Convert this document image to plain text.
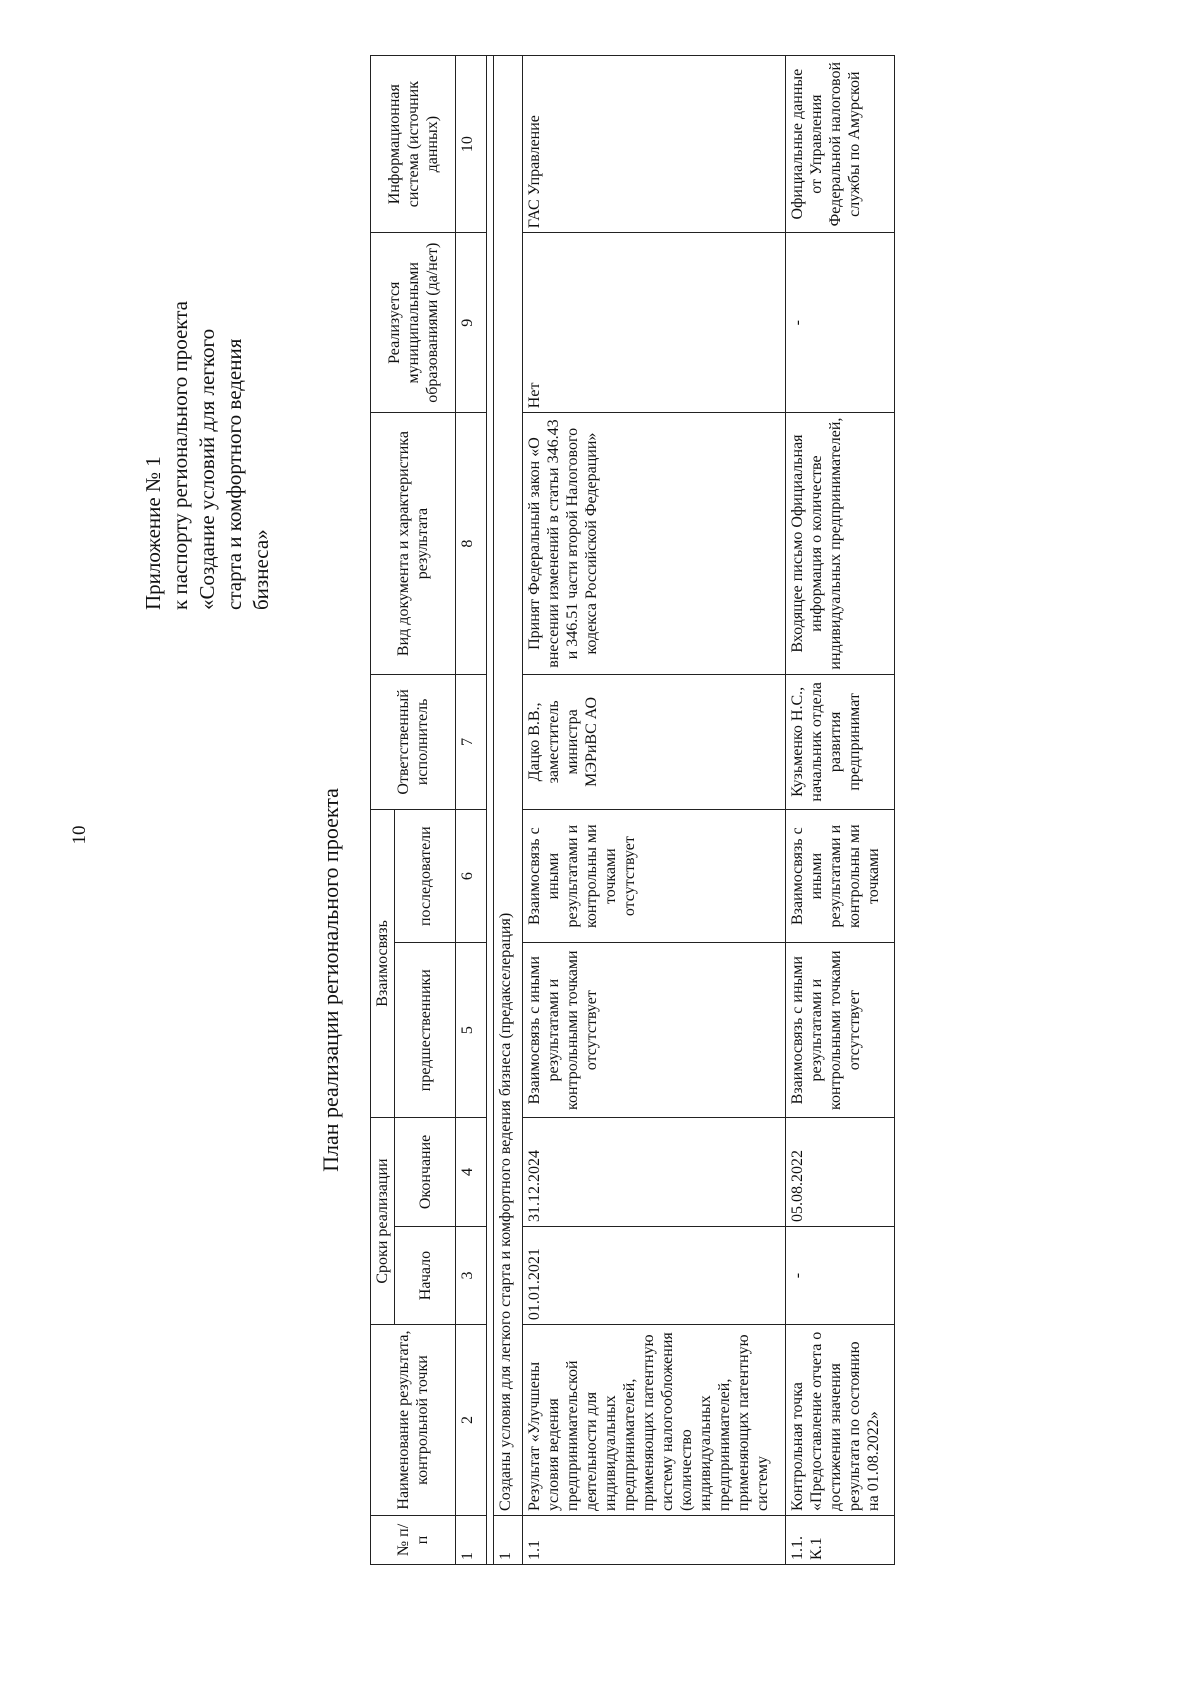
10
Приложение № 1 к паспорту регионального проекта «Создание условий для легкого старта и комфортного ведения бизнеса»
План реализации регионального проекта
№ п/п	Наименование результата, контрольной точки	Сроки реализации		Взаимосвязь		Ответственный исполнитель	Вид документа и характеристика результата	Реализуется муниципальными образованиями (да/нет)	Информационная система (источник данных)
		Начало	Окончание	предшественники	последователи				
1	2	3	4	5	6	7	8	9	10

1	Созданы условия для легкого старта и комфортного ведения бизнеса (предакселерация)								
1.1	Результат «Улучшены условия ведения предпринимательской деятельности для индивидуальных предпринимателей, применяющих патентную систему налогообложения (количество индивидуальных предпринимателей, применяющих патентную систему	01.01.2021	31.12.2024	Взаимосвязь с иными результатами и контрольными точками отсутствует	Взаимосвязь с иными результатами и контрольны ми точками отсутствует	Дацко В.В., заместитель министра МЭРиВС АО	Принят Федеральный закон «О внесении изменений в статьи 346.43 и 346.51 части второй Налогового кодекса Российской Федерации»	Нет	ГАС Управление
1.1. К.1	Контрольная точка «Предоставление отчета о достижении значения результата по состоянию на 01.08.2022»	-	05.08.2022	Взаимосвязь с иными результатами и контрольными точками отсутствует	Взаимосвязь с иными результатами и контрольны ми точками	Кузьменко Н.С., начальник отдела развития предпринимат	Входящее письмо Официальная информация о количестве индивидуальных предпринимателей,	-	Официальные данные от Управления Федеральной налоговой службы по Амурской
